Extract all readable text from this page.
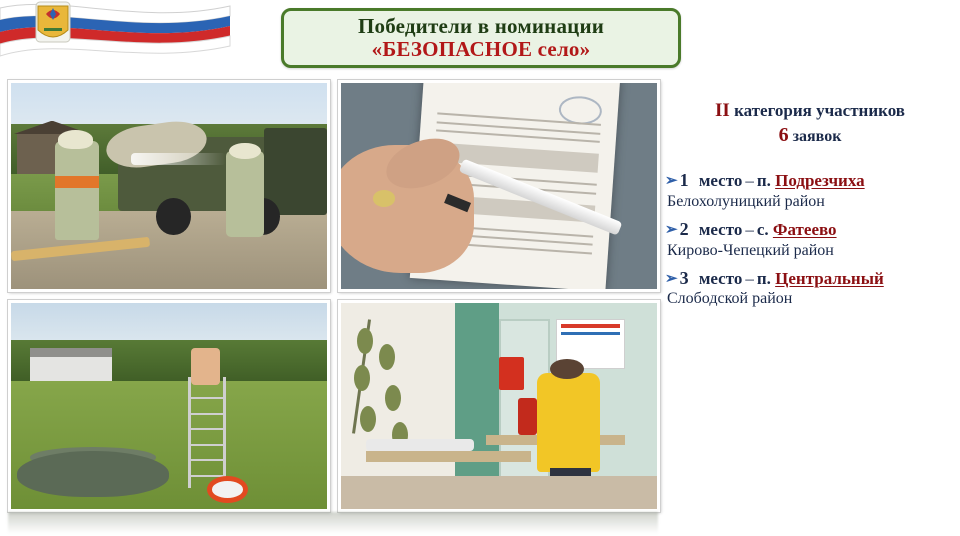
Победители в номинации
«БЕЗОПАСНОЕ село»
II категория участников
6 заявок
➢ 1
место – п.
Подрезчиха
Белохолуницкий район
➢ 2
место – с.
Фатеево
Кирово-Чепецкий район
➢ 3
место – п.
Центральный
Слободской район
